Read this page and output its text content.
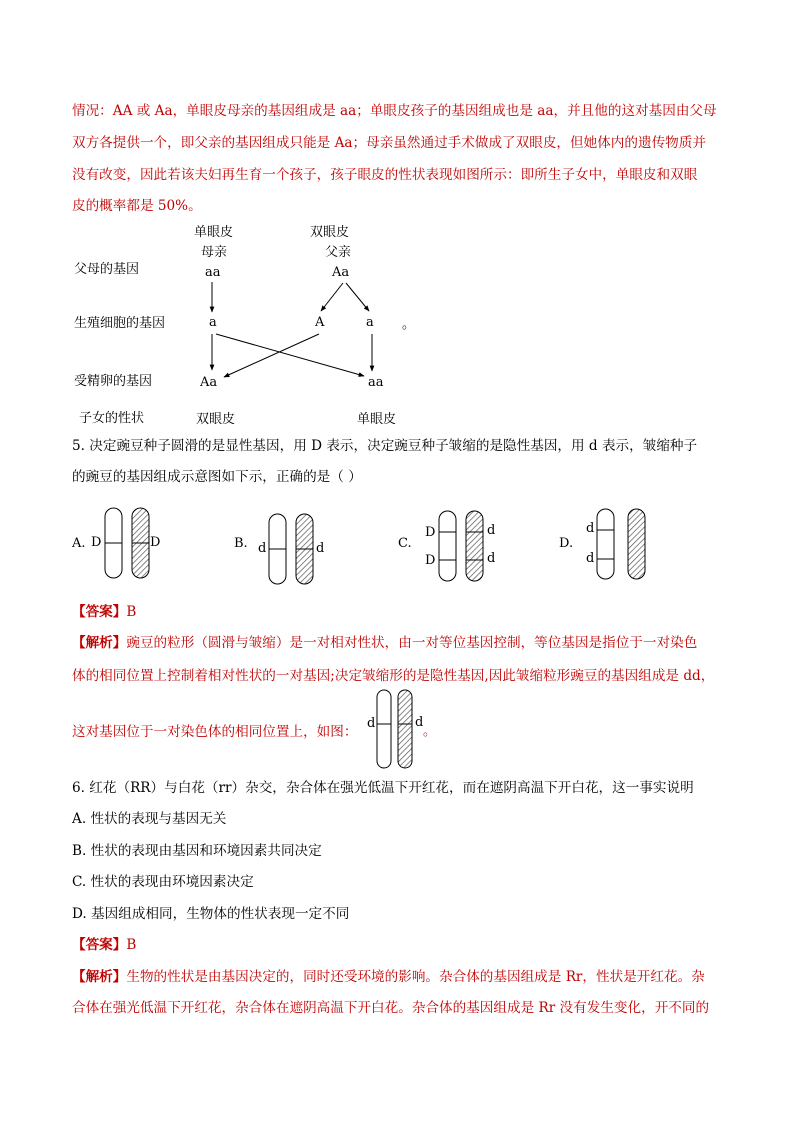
情况：AA 或 Aa，单眼皮母亲的基因组成是 aa；单眼皮孩子的基因组成也是 aa，并且他的这对基因由父母
双方各提供一个，即父亲的基因组成只能是 Aa；母亲虽然通过手术做成了双眼皮，但她体内的遗传物质并
没有改变，因此若该夫妇再生育一个孩子，孩子眼皮的性状表现如图所示：即所生子女中，单眼皮和双眼
皮的概率都是 50%。
单眼皮
母亲
双眼皮
父亲
父母的基因	aa	Aa
生殖细胞的基因	a	A	a 。
受精卵的基因	Aa	aa
子女的性状	双眼皮	单眼皮
5. 决定豌豆种子圆滑的是显性基因，用 D 表示，决定豌豆种子皱缩的是隐性基因，用 d 表示，皱缩种子
的豌豆的基因组成示意图如下示，正确的是（ ）
A. D	D	B. d	d	C.
D
D
d
d
D.
d
d
【答案】B
【解析】豌豆的粒形（圆滑与皱缩）是一对相对性状，由一对等位基因控制，等位基因是指位于一对染色
体的相同位置上控制着相对性状的一对基因;决定皱缩形的是隐性基因,因此皱缩粒形豌豆的基因组成是 dd，
这对基因位于一对染色体的相同位置上，如图：
d	d
。
6. 红花（RR）与白花（rr）杂交，杂合体在强光低温下开红花，而在遮阴高温下开白花，这一事实说明
A. 性状的表现与基因无关
B. 性状的表现由基因和环境因素共同决定
C. 性状的表现由环境因素决定
D. 基因组成相同，生物体的性状表现一定不同
【答案】B
【解析】生物的性状是由基因决定的，同时还受环境的影响。杂合体的基因组成是 Rr，性状是开红花。杂
合体在强光低温下开红花，杂合体在遮阴高温下开白花。杂合体的基因组成是 Rr 没有发生变化，开不同的
